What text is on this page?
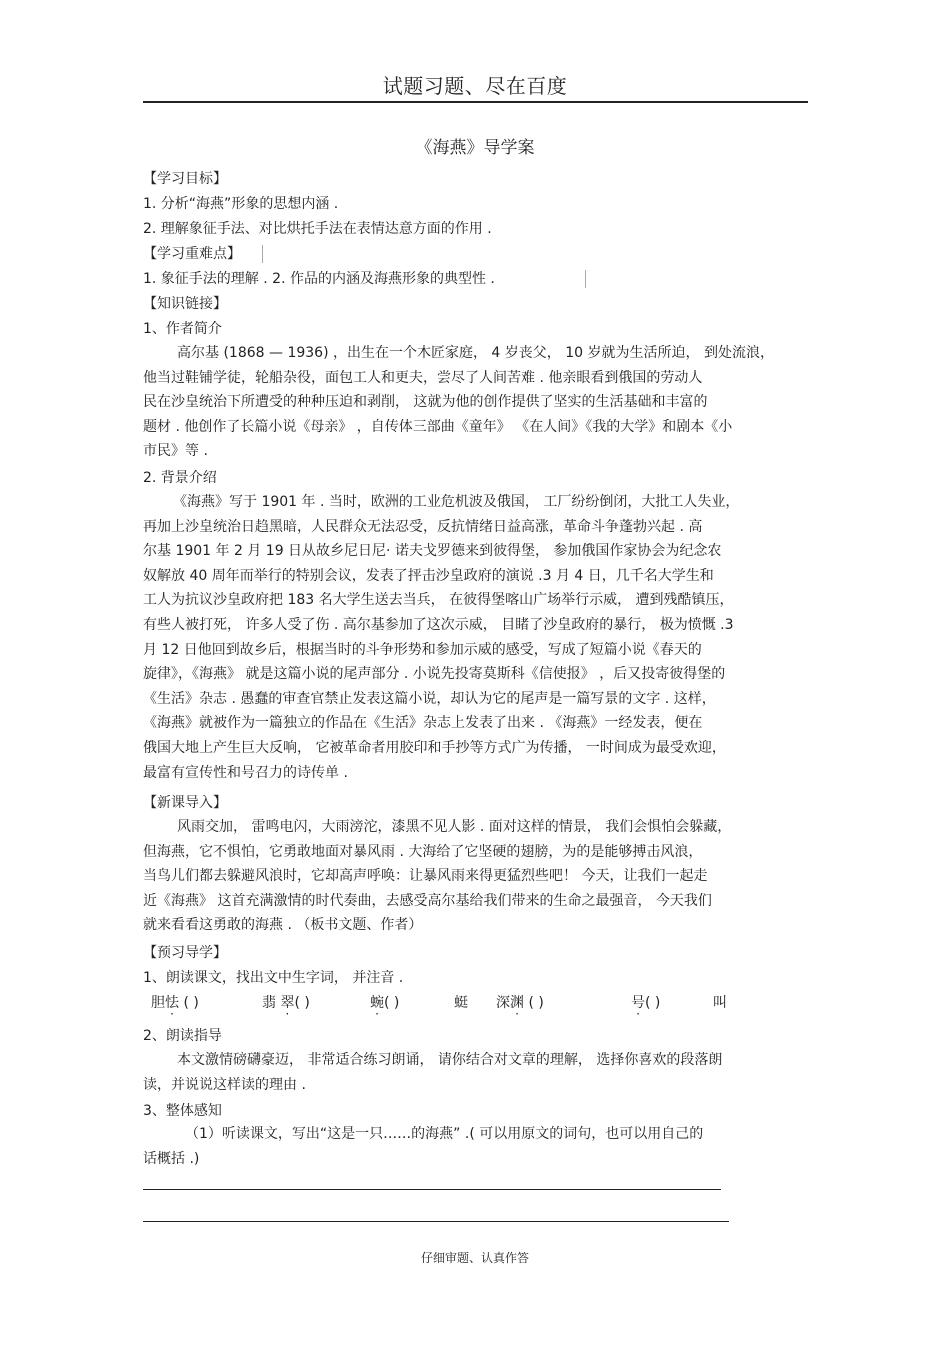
试题习题、尽在百度
《海燕》导学案
【学习目标】
1. 分析“海燕”形象的思想内涵 .
2. 理解象征手法、对比烘托手法在表情达意方面的作用 .
【学习重难点】
1. 象征手法的理解 . 2. 作品的内涵及海燕形象的典型性 .
【知识链接】
1、作者简介

高尔基 (1868 — 1936) ，出生在一个木匠家庭， 4 岁丧父， 10 岁就为生活所迫， 到处流浪，

他当过鞋铺学徒，轮船杂役，面包工人和更夫，尝尽了人间苦难 . 他亲眼看到俄国的劳动人

民在沙皇统治下所遭受的种种压迫和剥削， 这就为他的创作提供了坚实的生活基础和丰富的

题材 . 他创作了长篇小说《母亲》 ，自传体三部曲《童年》 《在人间》《我的大学》和剧本《小

市民》等 .

2. 背景介绍

《海燕》写于 1901 年 . 当时，欧洲的工业危机波及俄国， 工厂纷纷倒闭，大批工人失业，

再加上沙皇统治日趋黑暗，人民群众无法忍受，反抗情绪日益高涨，革命斗争蓬勃兴起 . 高

尔基 1901 年 2 月 19 日从故乡尼日尼· 诺夫戈罗德来到彼得堡， 参加俄国作家协会为纪念农

奴解放 40 周年而举行的特别会议，发表了抨击沙皇政府的演说 .3 月 4 日，几千名大学生和

工人为抗议沙皇政府把 183 名大学生送去当兵， 在彼得堡喀山广场举行示威， 遭到残酷镇压，

有些人被打死， 许多人受了伤 . 高尔基参加了这次示威， 目睹了沙皇政府的暴行， 极为愤慨 .3

月 12 日他回到故乡后，根据当时的斗争形势和参加示威的感受，写成了短篇小说《春天的

旋律》，《海燕》 就是这篇小说的尾声部分 . 小说先投寄莫斯科《信使报》 ，后又投寄彼得堡的

《生活》杂志 . 愚蠢的审查官禁止发表这篇小说，却认为它的尾声是一篇写景的文字 . 这样，

《海燕》就被作为一篇独立的作品在《生活》杂志上发表了出来 . 《海燕》一经发表，便在

俄国大地上产生巨大反响， 它被革命者用胶印和手抄等方式广为传播， 一时间成为最受欢迎，

最富有宣传性和号召力的诗传单 .

【新课导入】

风雨交加， 雷鸣电闪，大雨滂沱，漆黑不见人影 . 面对这样的情景， 我们会惧怕会躲藏，

但海燕，它不惧怕，它勇敢地面对暴风雨 . 大海给了它坚硬的翅膀，为的是能够搏击风浪，

当鸟儿们都去躲避风浪时，它却高声呼唤：让暴风雨来得更猛烈些吧！ 今天，让我们一起走

近《海燕》 这首充满激情的时代奏曲，去感受高尔基给我们带来的生命之最强音， 今天我们

就来看看这勇敢的海燕 . （板书文题、作者）

【预习导学】
1、朗读课文，找出文中生字词， 并注音 .
胆怯 ( )	翡 翠( )	蜿( )	蜓 深渊 ( )	号( )	叫
2、朗读指导

本文激情磅礴豪迈， 非常适合练习朗诵， 请你结合对文章的理解， 选择你喜欢的段落朗

读，并说说这样读的理由 .

3、整体感知

（1）听读课文，写出“这是一只……的海燕” .( 可以用原文的词句，也可以用自己的

话概括 .)

仔细审题、认真作答
